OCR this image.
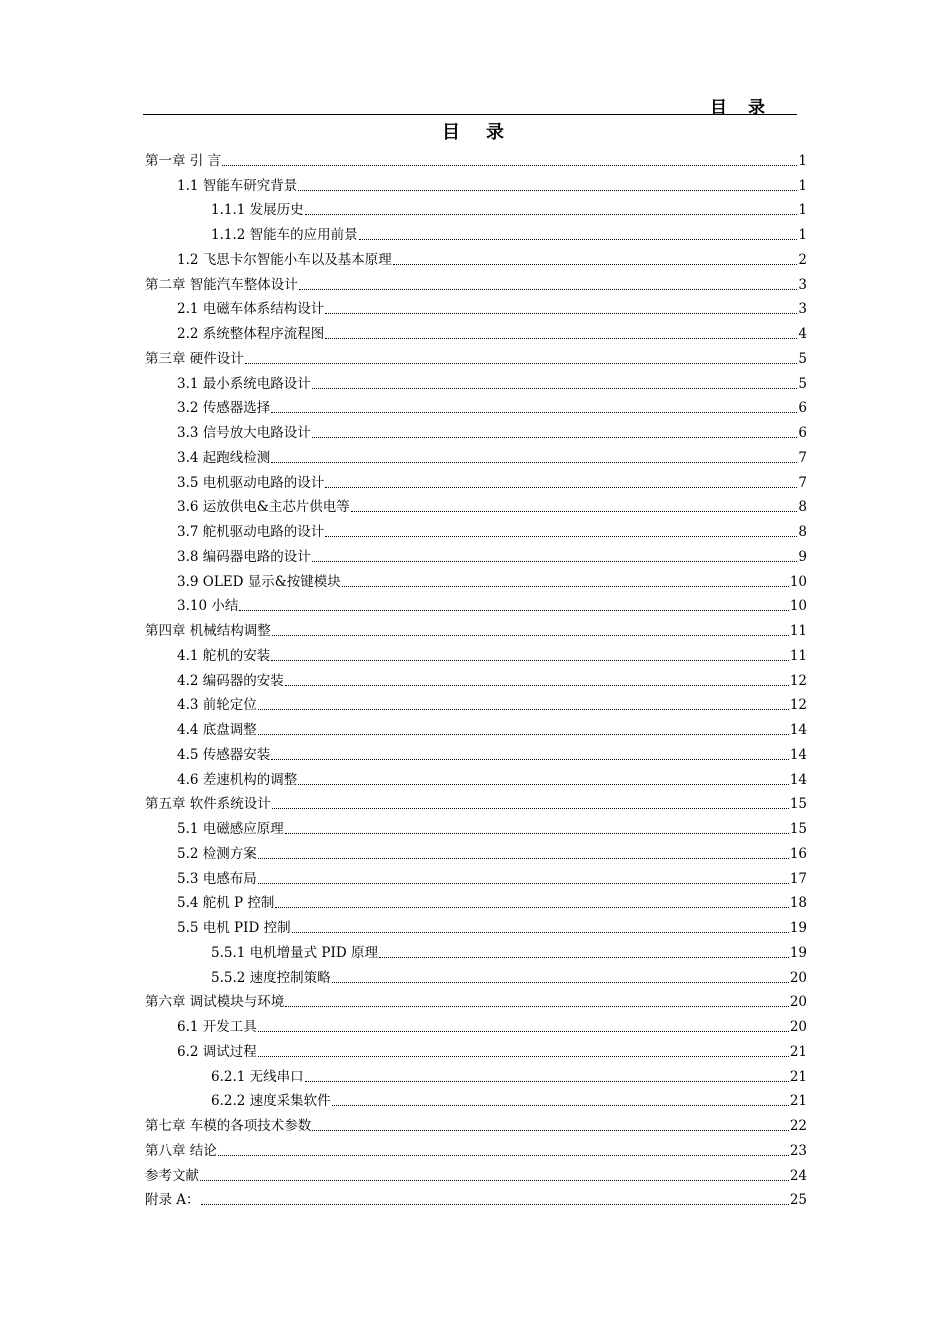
目　录
目　录
第一章 引 言	1
1.1 智能车研究背景	1
1.1.1 发展历史	1
1.1.2 智能车的应用前景	1
1.2 飞思卡尔智能小车以及基本原理	2
第二章 智能汽车整体设计	3
2.1 电磁车体系结构设计	3
2.2 系统整体程序流程图	4
第三章 硬件设计	5
3.1 最小系统电路设计	5
3.2 传感器选择	6
3.3 信号放大电路设计	6
3.4 起跑线检测	7
3.5 电机驱动电路的设计	7
3.6 运放供电&主芯片供电等	8
3.7 舵机驱动电路的设计	8
3.8 编码器电路的设计	9
3.9 OLED 显示&按键模块	10
3.10 小结	10
第四章 机械结构调整	11
4.1 舵机的安装	11
4.2 编码器的安装	12
4.3 前轮定位	12
4.4 底盘调整	14
4.5 传感器安装	14
4.6 差速机构的调整	14
第五章 软件系统设计	15
5.1 电磁感应原理	15
5.2 检测方案	16
5.3 电感布局	17
5.4 舵机 P 控制	18
5.5 电机 PID 控制	19
5.5.1 电机增量式 PID 原理	19
5.5.2 速度控制策略	20
第六章 调试模块与环境	20
6.1 开发工具	20
6.2 调试过程	21
6.2.1 无线串口	21
6.2.2 速度采集软件	21
第七章 车模的各项技术参数	22
第八章 结论	23
参考文献	24
附录 A：	25
